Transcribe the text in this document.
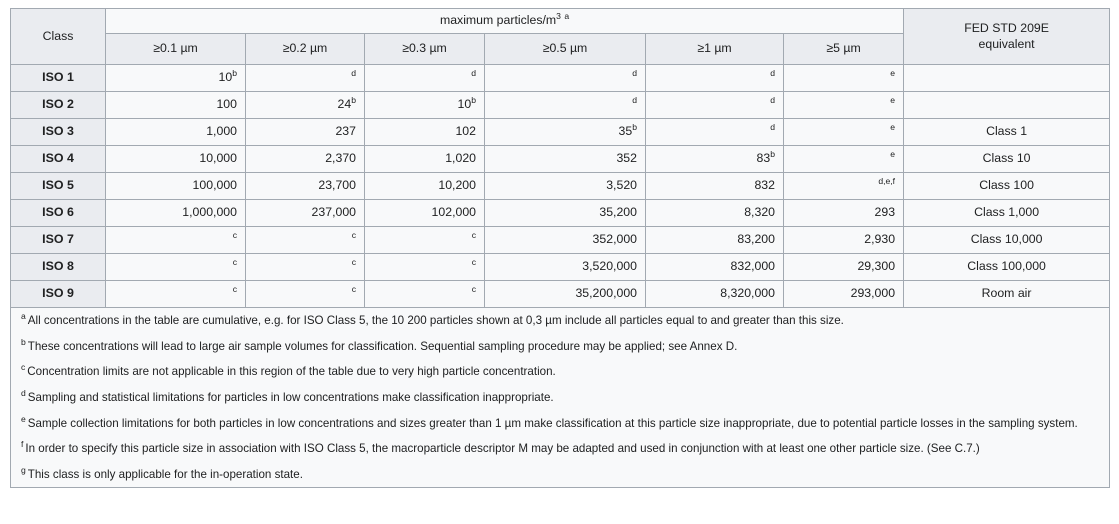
Class	maximum particles/$m^3$ $^a$						FED STD 209E
equivalent
	≥0.1 µm	≥0.2 µm	≥0.3 µm	≥0.5 µm	≥1 µm	≥5 µm	
ISO 1	10$^b$	$^d$	$^d$	$^d$	$^d$	$^e$	
ISO 2	100	24$^b$	10$^b$	$^d$	$^d$	$^e$	
ISO 3	1,000	237	102	35$^b$	$^d$	$^e$	Class 1
ISO 4	10,000	2,370	1,020	352	83$^b$	$^e$	Class 10
ISO 5	100,000	23,700	10,200	3,520	832	$^{d,e,f}$	Class 100
ISO 6	1,000,000	237,000	102,000	35,200	8,320	293	Class 1,000
ISO 7	$^c$	$^c$	$^c$	352,000	83,200	2,930	Class 10,000
ISO 8	$^c$	$^c$	$^c$	3,520,000	832,000	29,300	Class 100,000
ISO 9	$^c$	$^c$	$^c$	35,200,000	8,320,000	293,000	Room air

$^a$ All concentrations in the table are cumulative, e.g. for ISO Class 5, the 10 200 particles shown at 0,3 µm include all particles equal to and greater than this size.
$^b$ These concentrations will lead to large air sample volumes for classification. Sequential sampling procedure may be applied; see Annex D.
$^c$ Concentration limits are not applicable in this region of the table due to very high particle concentration.
$^d$ Sampling and statistical limitations for particles in low concentrations make classification inappropriate.
$^e$ Sample collection limitations for both particles in low concentrations and sizes greater than 1 µm make classification at this particle size inappropriate, due to potential particle losses in the sampling system.
$^f$ In order to specify this particle size in association with ISO Class 5, the macroparticle descriptor M may be adapted and used in conjunction with at least one other particle size. (See C.7.)
$^g$ This class is only applicable for the in-operation state.
